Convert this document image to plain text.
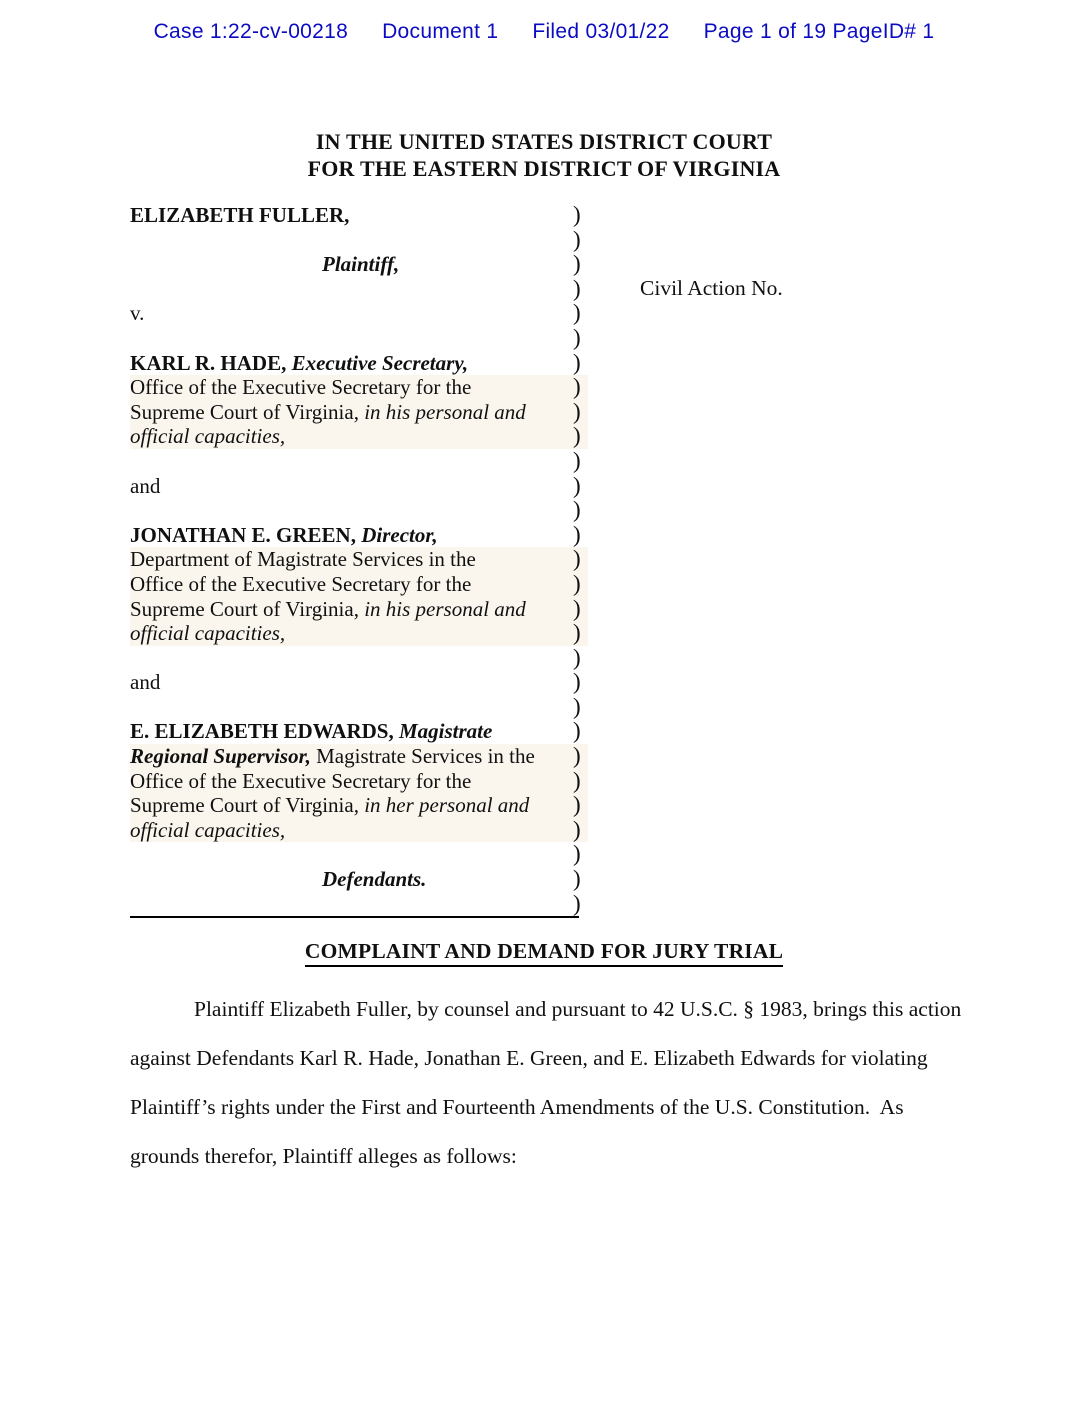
Case 1:22-cv-00218 Document 1 Filed 03/01/22 Page 1 of 19 PageID# 1
IN THE UNITED STATES DISTRICT COURT
FOR THE EASTERN DISTRICT OF VIRGINIA
ELIZABETH FULLER,	)
)
Plaintiff,	)
)
v.	)
)
KARL R. HADE, Executive Secretary,	)
Office of the Executive Secretary for the	)
Supreme Court of Virginia, in his personal and )
official capacities,	)
)
and	)
)
JONATHAN E. GREEN, Director,	)
Department of Magistrate Services in the	)
Office of the Executive Secretary for the	)
Supreme Court of Virginia, in his personal and )
official capacities,	)
)
and	)
)
E. ELIZABETH EDWARDS, Magistrate	)
Regional Supervisor, Magistrate Services in the )
Office of the Executive Secretary for the	)
Supreme Court of Virginia, in her personal and )
official capacities,	)
)
Defendants.	)
)
Civil Action No.
COMPLAINT AND DEMAND FOR JURY TRIAL
Plaintiff Elizabeth Fuller, by counsel and pursuant to 42 U.S.C. § 1983, brings this action
against Defendants Karl R. Hade, Jonathan E. Green, and E. Elizabeth Edwards for violating
Plaintiff’s rights under the First and Fourteenth Amendments of the U.S. Constitution.  As
grounds therefor, Plaintiff alleges as follows:
